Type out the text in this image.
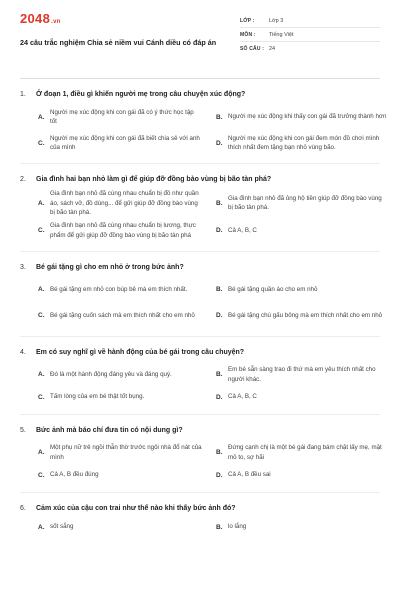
2048.vn
24 câu trắc nghiệm Chia sẻ niềm vui Cánh diều có đáp án
LỚP :	Lớp 3
MÔN :	Tiếng Việt
SỐ CÂU : 24
1.	Ở đoạn 1, điều gì khiến người mẹ trong câu chuyện xúc động?
A.
Người mẹ xúc động khi con gái đã có ý thức học tập tốt
B. Người mẹ xúc động khi thấy con gái đã trưởng thành hơn
C.
Người mẹ xúc động khi con gái đã biết chia sẻ với anh của mình
D.
Người mẹ xúc động khi con gái đem món đồ chơi mình thích nhất đem tặng bạn nhỏ vùng bão.
2.	Gia đình hai bạn nhỏ làm gì để giúp đỡ đồng bào vùng bị bão tàn phá?
A.
Gia đình bạn nhỏ đã cùng nhau chuẩn bị đồ như quần áo, sách vở, đồ dùng... để gửi giúp đỡ đồng bào vùng bị bão tàn phá.
B.
Gia đình bạn nhỏ đã ủng hộ tiền giúp đỡ đồng bào vùng bị bão tàn phá.
C.
Gia đình bạn nhỏ đã cùng nhau chuẩn bị lương, thực phẩm để gửi giúp đỡ đồng bào vùng bị bão tàn phá
D. Cả A, B, C
3.	Bé gái tặng gì cho em nhỏ ở trong bức ảnh?
A. Bé gái tặng em nhỏ con búp bê mà em thích nhất.	B. Bé gái tặng quần áo cho em nhỏ
C. Bé gái tặng cuốn sách mà em thích nhất cho em nhỏ	D. Bé gái tặng chú gấu bông mà em thích nhất cho em nhỏ
4.	Em có suy nghĩ gì về hành động của bé gái trong câu chuyện?
A. Đó là một hành động đáng yêu và đáng quý.	B.
Em bé sẵn sàng trao đi thứ mà em yêu thích nhất cho người khác.
C. Tấm lòng của em bé thật tốt bụng.	D. Cả A, B, C
5.	Bức ảnh mà báo chí đưa tin có nội dung gì?
A.
Một phụ nữ trẻ ngồi thẫn thờ trước ngôi nhà đổ nát của mình
B.
Đứng cạnh chị là một bé gái đang bám chặt lấy mẹ, mặt mỏ to, sợ hãi
C. Cả A, B đều đúng	D. Cả A, B đều sai
6.	Cảm xúc của cậu con trai như thế nào khi thấy bức ảnh đó?
A. sốt sắng	B. lo lắng
